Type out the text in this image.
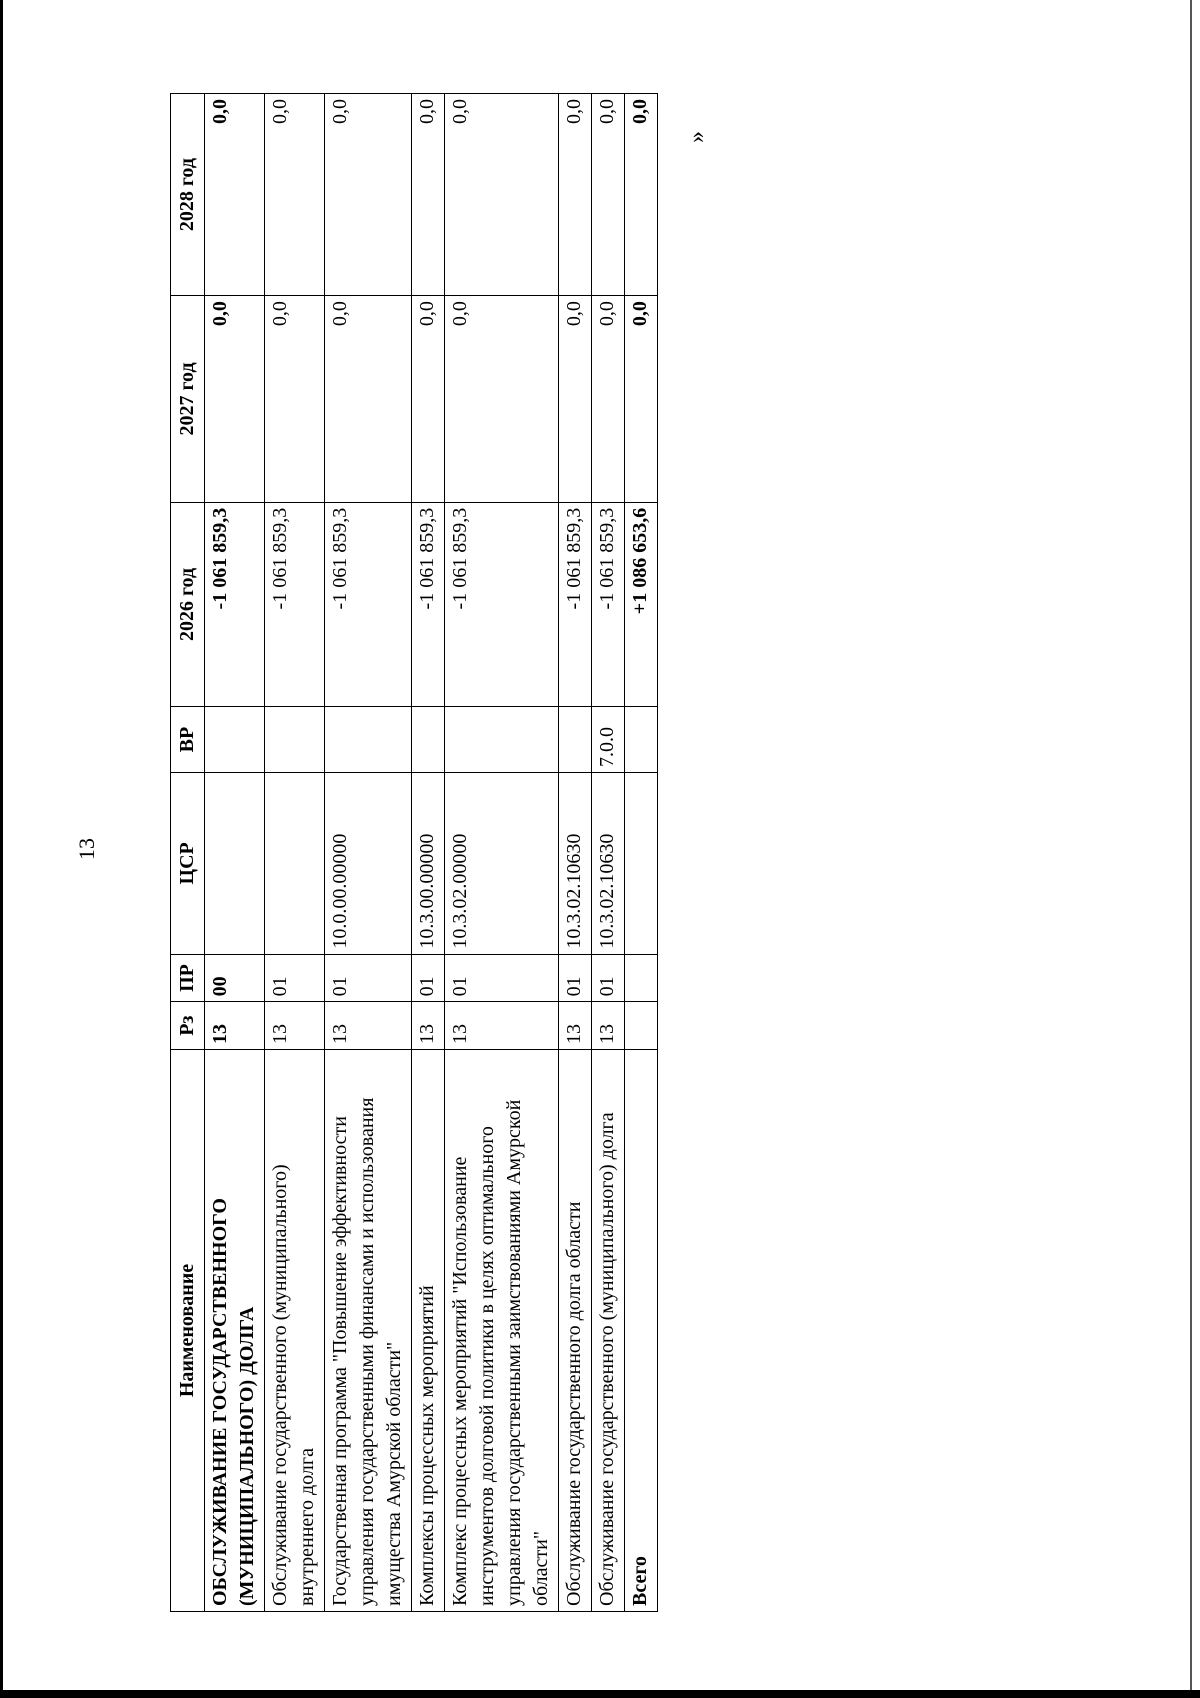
13
Наименование	Рз	ПР	ЦСР	ВР	2026 год	2027 год	2028 год
ОБСЛУЖИВАНИЕ ГОСУДАРСТВЕННОГО (МУНИЦИПАЛЬНОГО) ДОЛГА	13	00			-1 061 859,3	0,0	0,0
Обслуживание государственного (муниципального) внутреннего долга	13	01			-1 061 859,3	0,0	0,0
Государственная программа "Повышение эффективности управления государственными финансами и использования имущества Амурской области"	13	01	10.0.00.00000		-1 061 859,3	0,0	0,0
Комплексы процессных мероприятий	13	01	10.3.00.00000		-1 061 859,3	0,0	0,0
Комплекс процессных мероприятий "Использование инструментов долговой политики в целях оптимального управления государственными заимствованиями Амурской области"	13	01	10.3.02.00000		-1 061 859,3	0,0	0,0
Обслуживание государственного долга области	13	01	10.3.02.10630		-1 061 859,3	0,0	0,0
Обслуживание государственного (муниципального) долга	13	01	10.3.02.10630	7.0.0	-1 061 859,3	0,0	0,0
Всего					+1 086 653,6	0,0	0,0
»
